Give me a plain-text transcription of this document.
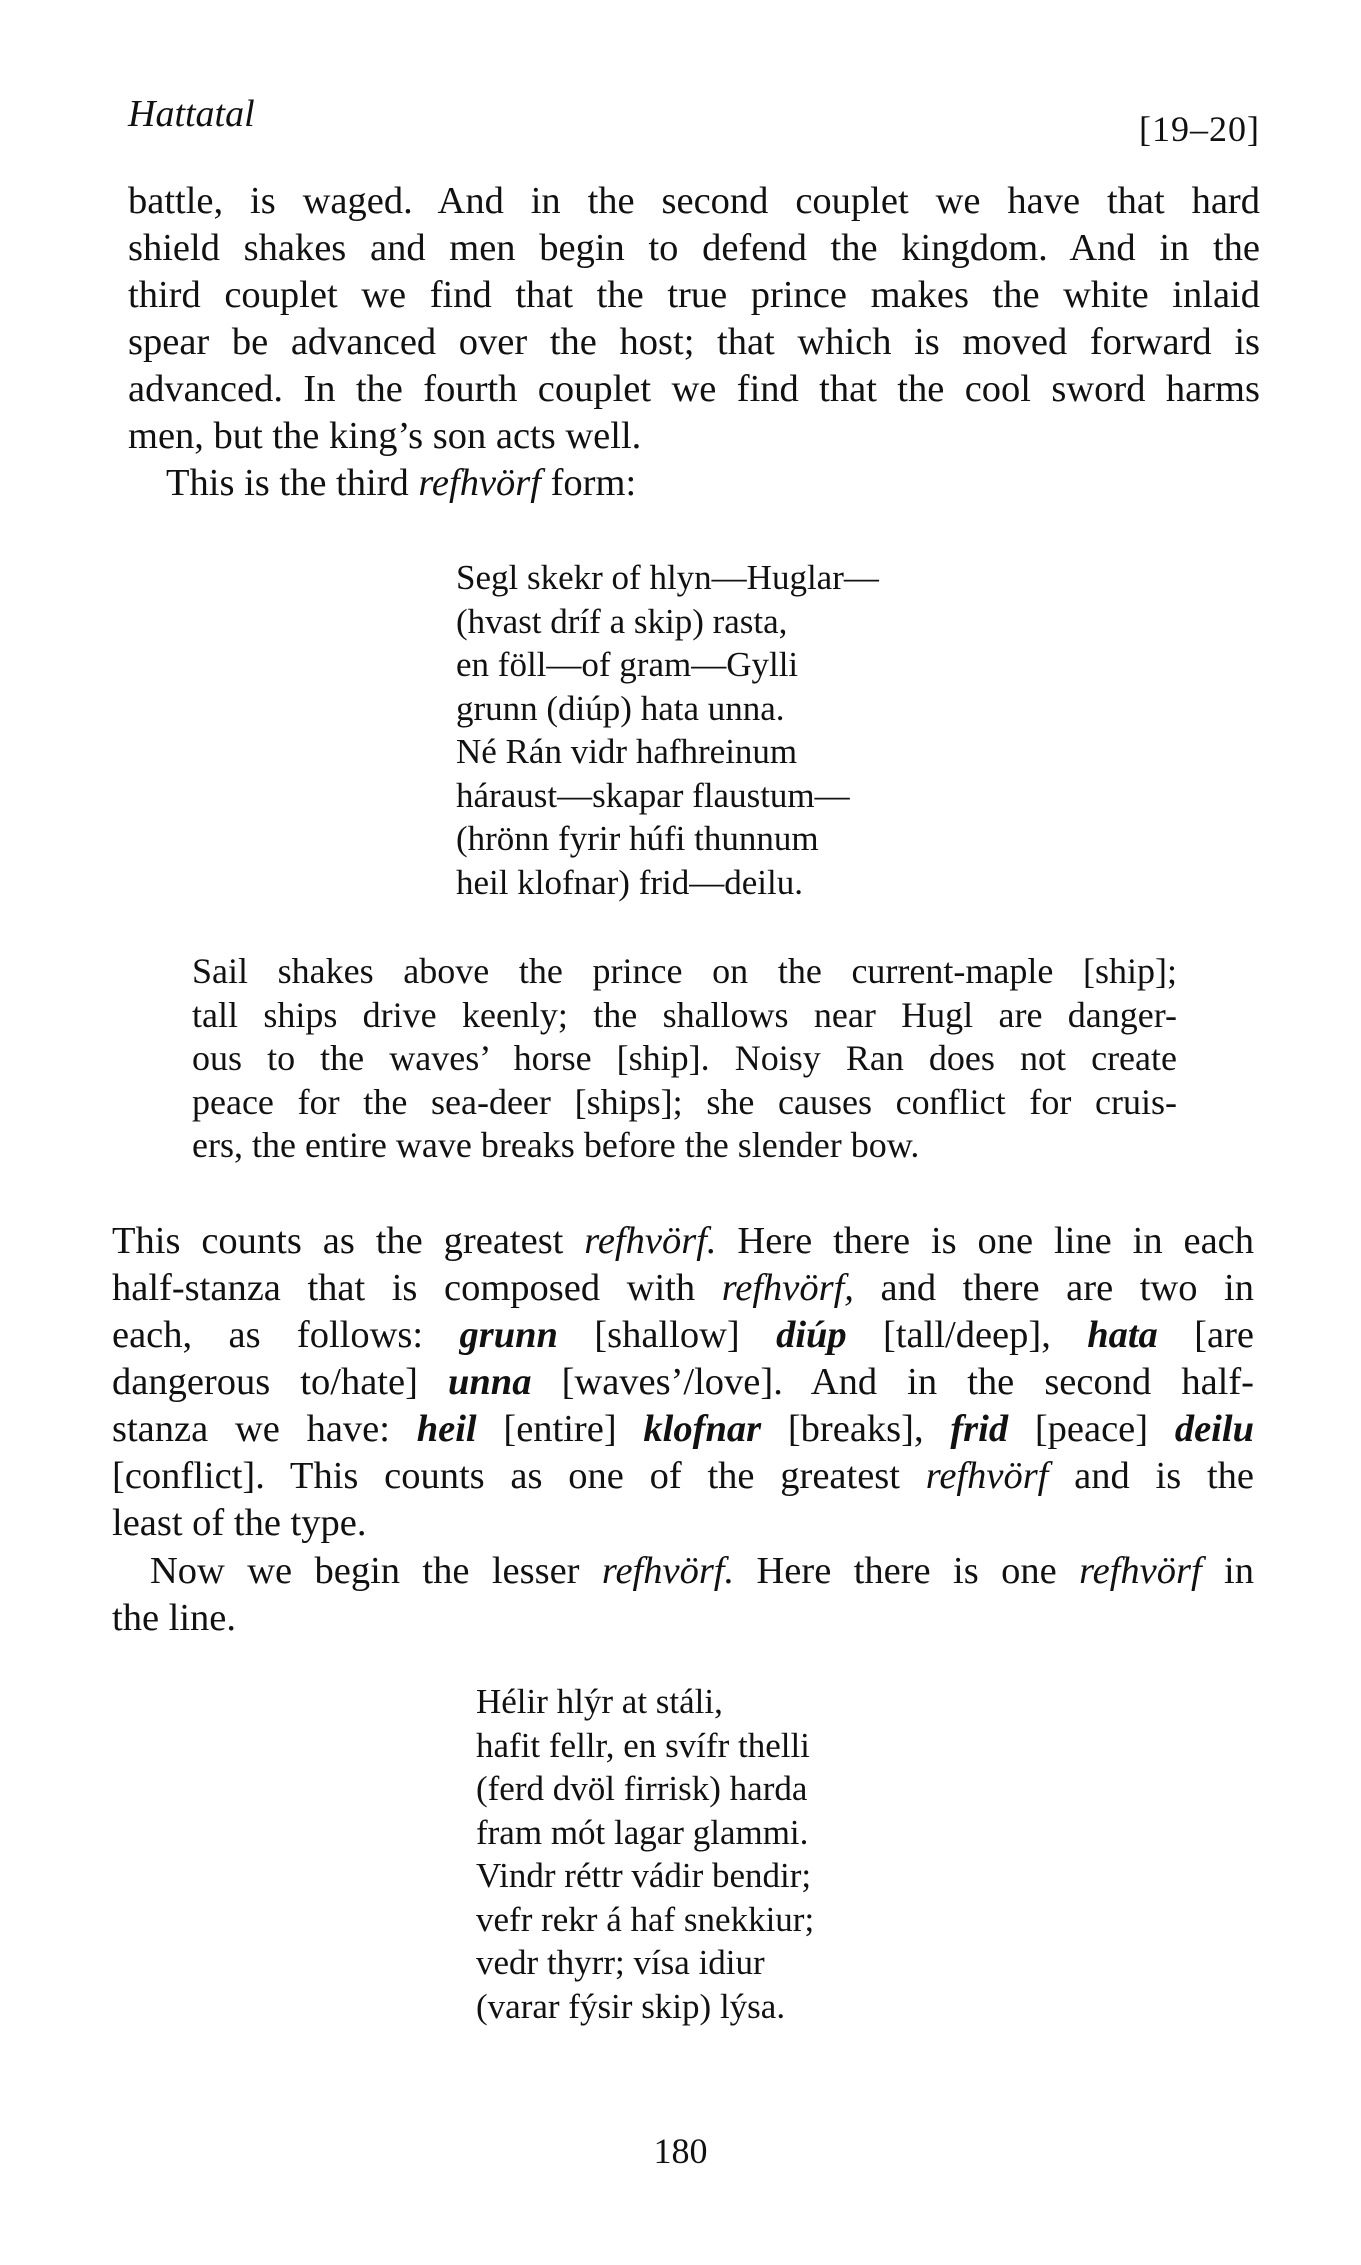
Hattatal	[19–20]
battle, is waged. And in the second couplet we have that hard
shield shakes and men begin to defend the kingdom. And in the
third couplet we find that the true prince makes the white inlaid
spear be advanced over the host; that which is moved forward is
advanced. In the fourth couplet we find that the cool sword harms
men, but the king’s son acts well.
This is the third refhvörf form:
Segl skekr of hlyn—Huglar—
(hvast dríf a skip) rasta,
en föll—of gram—Gylli
grunn (diúp) hata unna.
Né Rán vidr hafhreinum
háraust—skapar flaustum—
(hrönn fyrir húfi thunnum
heil klofnar) frid—deilu.
Sail shakes above the prince on the current-maple [ship];
tall ships drive keenly; the shallows near Hugl are danger-
ous to the waves’ horse [ship]. Noisy Ran does not create
peace for the sea-deer [ships]; she causes conflict for cruis-
ers, the entire wave breaks before the slender bow.
This counts as the greatest refhvörf. Here there is one line in each
half-stanza that is composed with refhvörf, and there are two in
each, as follows: grunn [shallow] diúp [tall/deep], hata [are
dangerous to/hate] unna [waves’/love]. And in the second half-
stanza we have: heil [entire] klofnar [breaks], frid [peace] deilu
[conflict]. This counts as one of the greatest refhvörf and is the
least of the type.
Now we begin the lesser refhvörf. Here there is one refhvörf in
the line.
Hélir hlýr at stáli,
hafit fellr, en svífr thelli
(ferd dvöl firrisk) harda
fram mót lagar glammi.
Vindr réttr vádir bendir;
vefr rekr á haf snekkiur;
vedr thyrr; vísa idiur
(varar fýsir skip) lýsa.
180
